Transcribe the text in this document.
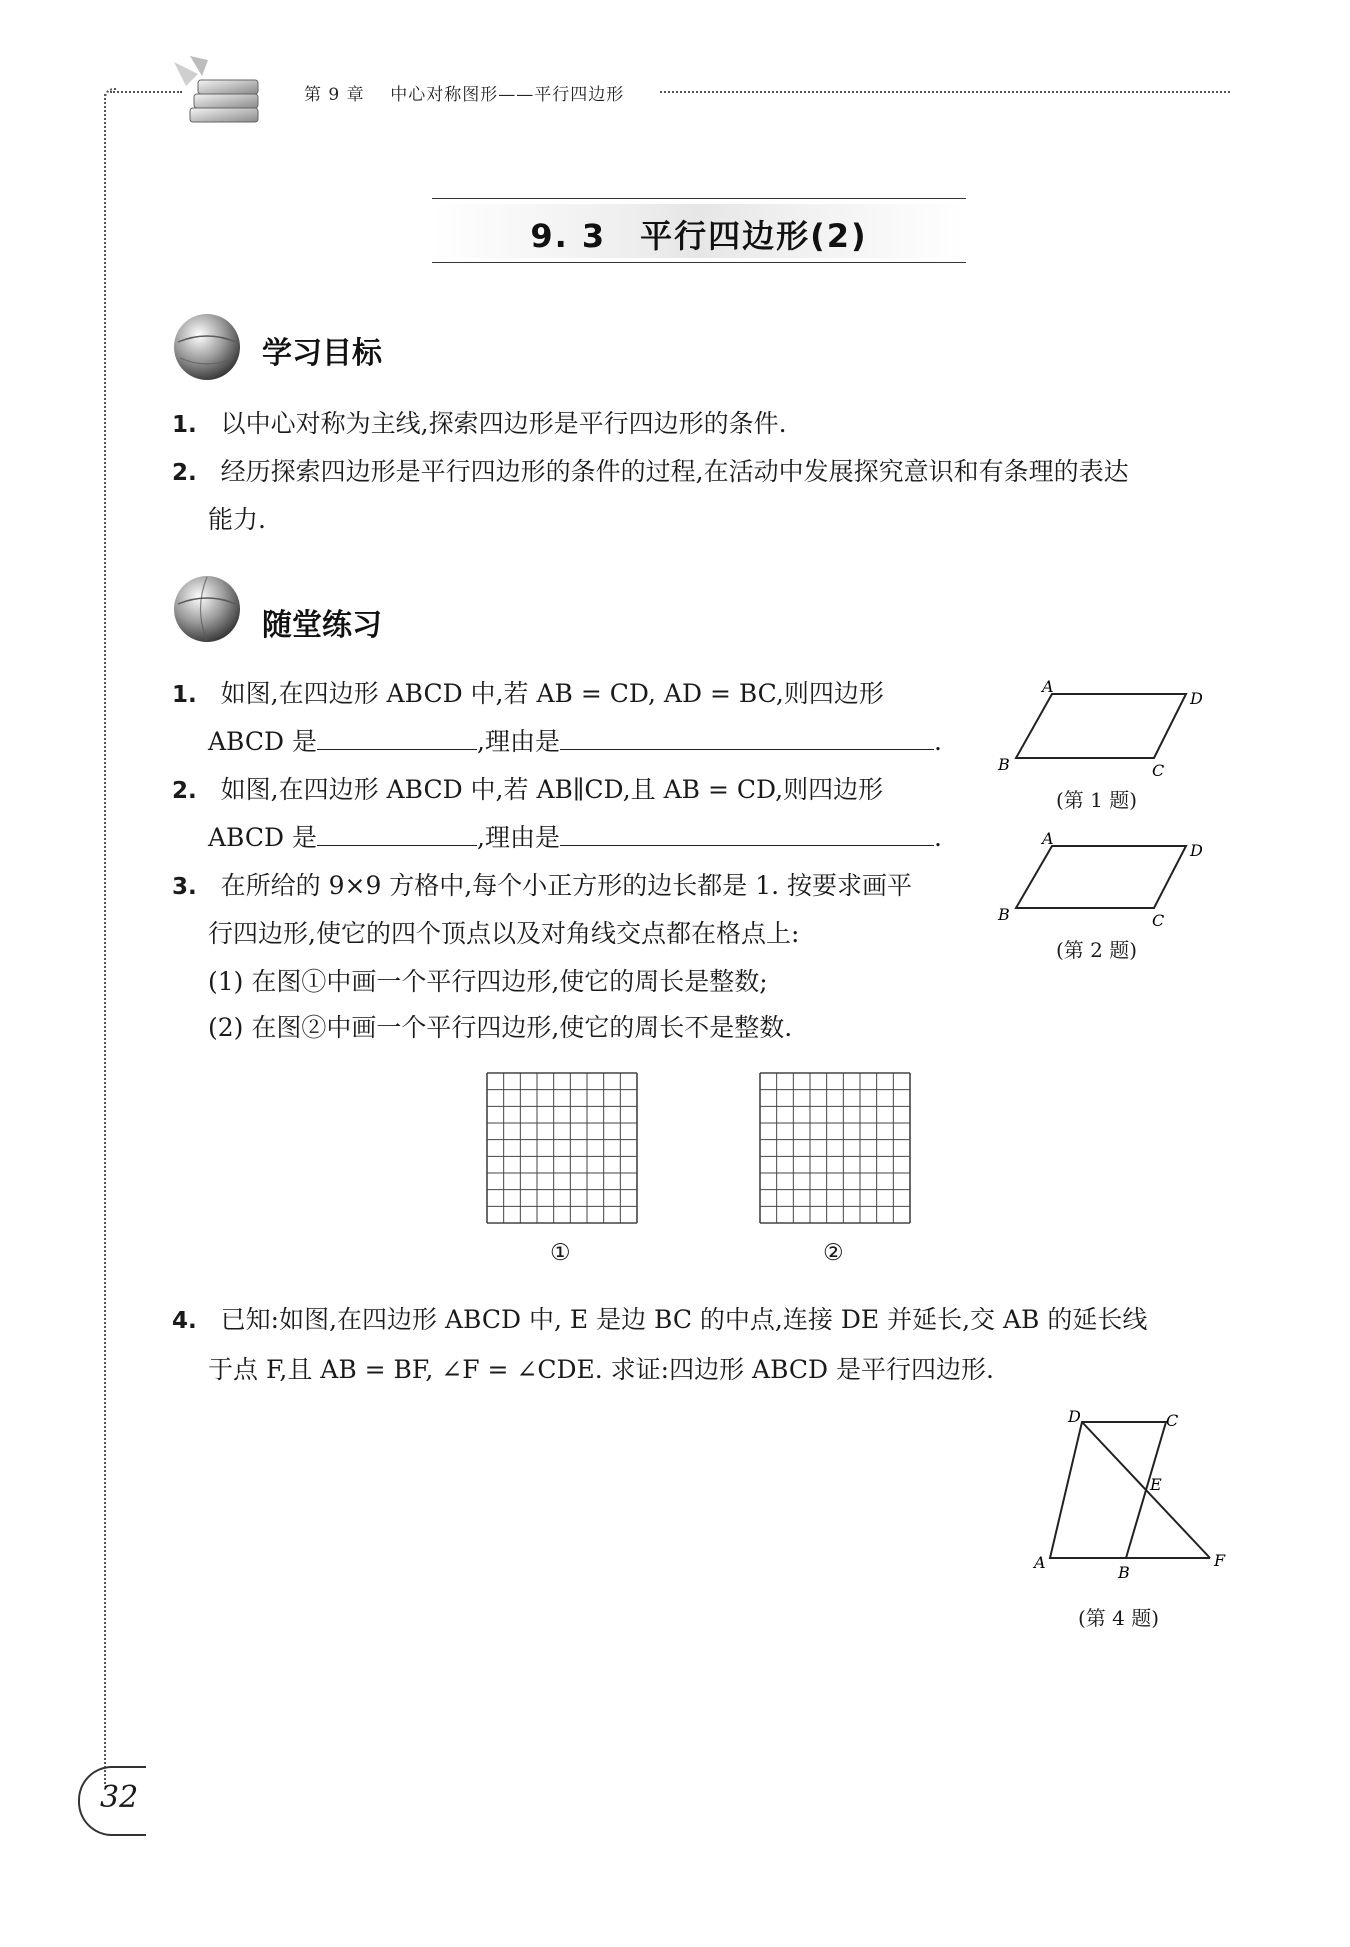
第 9 章 中心对称图形——平行四边形
9. 3　平行四边形(2)
学习目标
1. 以中心对称为主线,探索四边形是平行四边形的条件.
2. 经历探索四边形是平行四边形的条件的过程,在活动中发展探究意识和有条理的表达
能力.
随堂练习
1. 如图,在四边形 ABCD 中,若 AB = CD, AD = BC,则四边形
ABCD 是	,理由是	.
2. 如图,在四边形 ABCD 中,若 AB∥CD,且 AB = CD,则四边形
ABCD 是	,理由是	.
3. 在所给的 9×9 方格中,每个小正方形的边长都是 1. 按要求画平
行四边形,使它的四个顶点以及对角线交点都在格点上:
(1) 在图①中画一个平行四边形,使它的周长是整数;
(2) 在图②中画一个平行四边形,使它的周长不是整数.
A
D
B	C
(第 1 题)
A
D
B	C
(第 2 题)
①	②
4. 已知:如图,在四边形 ABCD 中, E 是边 BC 的中点,连接 DE 并延长,交 AB 的延长线
于点 F,且 AB = BF, ∠F = ∠CDE. 求证:四边形 ABCD 是平行四边形.
D	C
E
A
B
F
(第 4 题)
32
